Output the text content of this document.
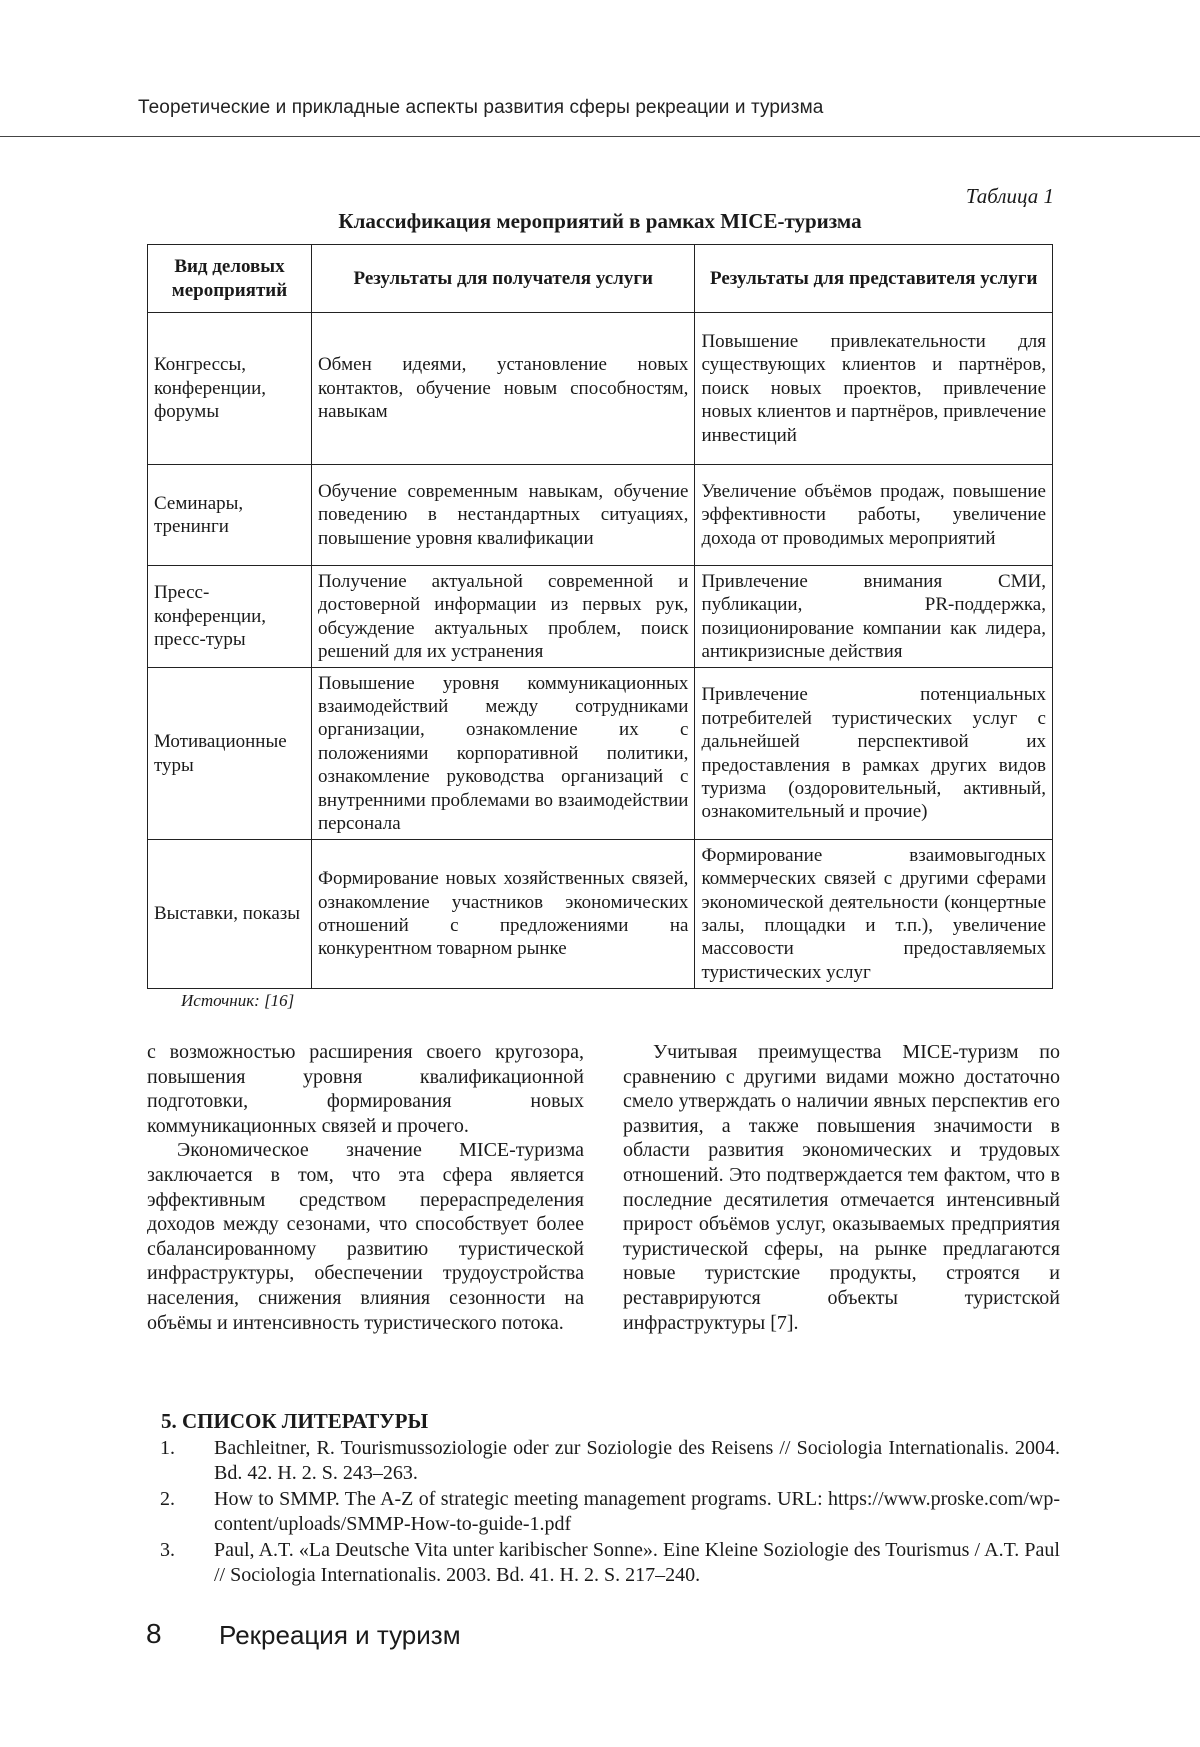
Теоретические и прикладные аспекты развития сферы рекреации и туризма
Таблица 1
Классификация мероприятий в рамках MICE-туризма
Вид деловых мероприятий	Результаты для получателя услуги	Результаты для представителя услуги
Конгрессы, конференции, форумы	Обмен идеями, установление новых контактов, обучение новым способностям, навыкам	Повышение привлекательности для существующих клиентов и партнёров, поиск новых проектов, привлечение новых клиентов и партнёров, привлечение инвестиций
Семинары, тренинги	Обучение современным навыкам, обучение поведению в нестандартных ситуациях, повышение уровня квалификации	Увеличение объёмов продаж, повышение эффективности работы, увеличение дохода от проводимых мероприятий
Пресс-конференции, пресс-туры	Получение актуальной современной и достоверной информации из первых рук, обсуждение актуальных проблем, поиск решений для их устранения	Привлечение внимания СМИ, публикации, PR-поддержка, позиционирование компании как лидера, антикризисные действия
Мотивационные туры	Повышение уровня коммуникационных взаимодействий между сотрудниками организации, ознакомление их с положениями корпоративной политики, ознакомление руководства организаций с внутренними проблемами во взаимодействии персонала	Привлечение потенциальных потребителей туристических услуг с дальнейшей перспективой их предоставления в рамках других видов туризма (оздоровительный, активный, ознакомительный и прочие)
Выставки, показы	Формирование новых хозяйственных связей, ознакомление участников экономических отношений с предложениями на конкурентном товарном рынке	Формирование взаимовыгодных коммерческих связей с другими сферами экономической деятельности (концертные залы, площадки и т.п.), увеличение массовости предоставляемых туристических услуг
Источник: [16]

с возможностью расширения своего кругозора, повышения уровня квалификационной подготовки, формирования новых коммуникационных связей и прочего.

Экономическое значение MICE-туризма заключается в том, что эта сфера является эффективным средством перераспределения доходов между сезонами, что способствует более сбалансированному развитию туристической инфраструктуры, обеспечении трудоустройства населения, снижения влияния сезонности на объёмы и интенсивность туристического потока.

Учитывая преимущества MICE-туризм по сравнению с другими видами можно достаточно смело утверждать о наличии явных перспектив его развития, а также повышения значимости в области развития экономических и трудовых отношений. Это подтверждается тем фактом, что в последние десятилетия отмечается интенсивный прирост объёмов услуг, оказываемых предприятия туристической сферы, на рынке предлагаются новые туристские продукты, строятся и реставрируются объекты туристской инфраструктуры [7].

5. СПИСОК ЛИТЕРАТУРЫ
1.	Bachleitner, R. Tourismussoziologie oder zur Soziologie des Reisens // Sociologia Internationalis. 2004. Bd. 42. H. 2. S. 243–263.
2.	How to SMMP. The A-Z of strategic meeting management programs. URL: https://www.proske.com/wp-content/uploads/SMMP-How-to-guide-1.pdf
3.	Paul, A.T. «La Deutsche Vita unter karibischer Sonne». Eine Kleine Soziologie des Tourismus / A.T. Paul // Sociologia Internationalis. 2003. Bd. 41. H. 2. S. 217–240.
8 Рекреация и туризм
